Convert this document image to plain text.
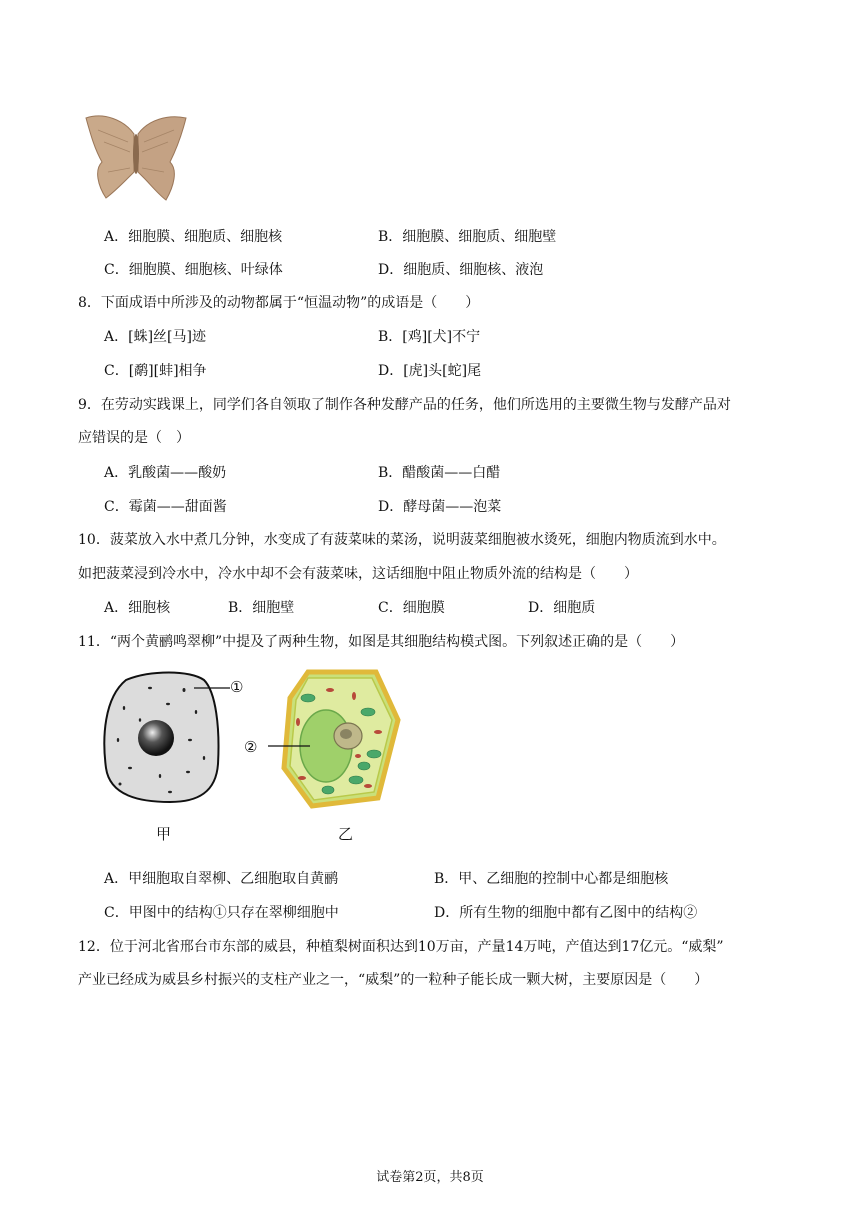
A．细胞膜、细胞质、细胞核	B．细胞膜、细胞质、细胞壁
C．细胞膜、细胞核、叶绿体	D．细胞质、细胞核、液泡
8．下面成语中所涉及的动物都属于“恒温动物”的成语是（　　）
A．[蛛]丝[马]迹	B．[鸡][犬]不宁
C．[鹬][蚌]相争	D．[虎]头[蛇]尾
9．在劳动实践课上，同学们各自领取了制作各种发酵产品的任务，他们所选用的主要微生物与发酵产品对
应错误的是（　）
A．乳酸菌——酸奶	B．醋酸菌——白醋
C．霉菌——甜面酱	D．酵母菌——泡菜
10．菠菜放入水中煮几分钟，水变成了有菠菜味的菜汤，说明菠菜细胞被水烫死，细胞内物质流到水中。
如把菠菜浸到冷水中，冷水中却不会有菠菜味，这话细胞中阻止物质外流的结构是（　　）
A．细胞核	B．细胞壁	C．细胞膜	D．细胞质
11．“两个黄鹂鸣翠柳”中提及了两种生物，如图是其细胞结构模式图。下列叙述正确的是（　　）
①
甲
②
乙
A．甲细胞取自翠柳、乙细胞取自黄鹂	B．甲、乙细胞的控制中心都是细胞核
C．甲图中的结构①只存在翠柳细胞中	D．所有生物的细胞中都有乙图中的结构②
12．位于河北省邢台市东部的威县，种植梨树面积达到10万亩，产量14万吨，产值达到17亿元。“威梨”
产业已经成为威县乡村振兴的支柱产业之一，“威梨”的一粒种子能长成一颗大树，主要原因是（　　）
试卷第2页，共8页
